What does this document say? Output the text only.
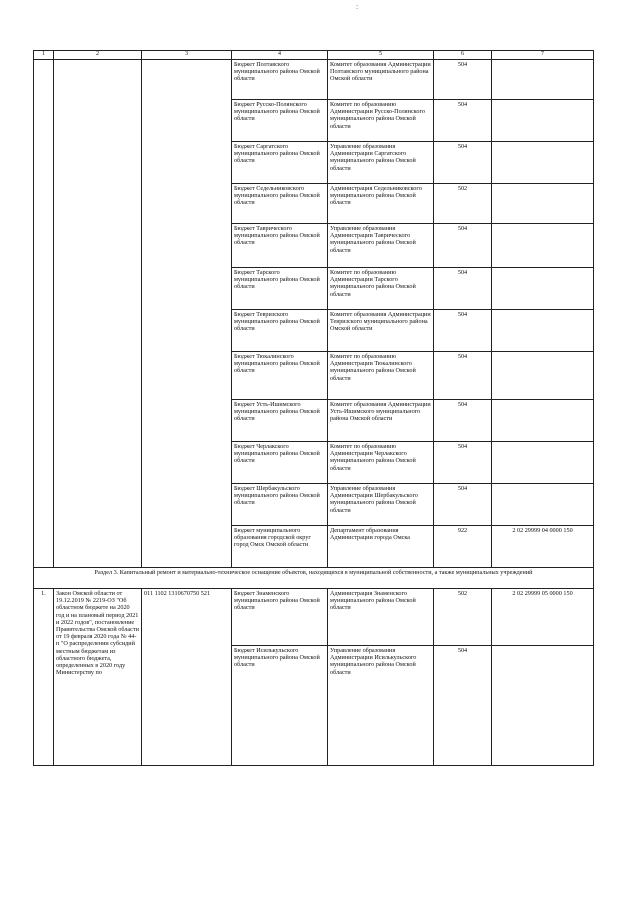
:
1	2	3	4	5	6	7
			Бюджет Полтавского муниципального района Омской области	Комитет образования Администрации Полтавского муниципального района Омской области	504	
			Бюджет Русско-Полянского муниципального района Омской области	Комитет по образованию Администрации Русско-Полянского муниципального района Омской области	504	
			Бюджет Саргатского муниципального района Омской области	Управление образования Администрации Саргатского муниципального района Омской области	504	
			Бюджет Седельниковского муниципального района Омской области	Администрация Седельниковского муниципального района Омской области	502	
			Бюджет Таврического муниципального района Омской области	Управление образования Администрации Таврического муниципального района Омской области	504	
			Бюджет Тарского муниципального района Омской области	Комитет по образованию Администрации Тарского муниципального района Омской области	504	
			Бюджет Тевризского муниципального района Омской области	Комитет образования Администрации Тевризского муниципального района Омской области	504	
			Бюджет Тюкалинского муниципального района Омской области	Комитет по образованию Администрации Тюкалинского муниципального района Омской области	504	
			Бюджет Усть-Ишимского муниципального района Омской области	Комитет образования Администрации Усть-Ишимского муниципального района Омской области	504	
			Бюджет Черлакского муниципального района Омской области	Комитет по образованию Администрации Черлакского муниципального района Омской области	504	
			Бюджет Шербакульского муниципального района Омской области	Управление образования Администрации Шербакульского муниципального района Омской области	504	
			Бюджет муниципального образования городской округ город Омск Омской области	Департамент образования Администрации города Омска	922	2 02 29999 04 0000 150
Раздел 3. Капитальный ремонт и материально-техническое оснащение объектов, находящихся в муниципальной собственности, а также муниципальных учреждений						
1.	Закон Омской области от 19.12.2019 № 2219-ОЗ "Об областном бюджете на 2020 год и на плановый период 2021 и 2022 годов", постановление Правительства Омской области от 19 февраля 2020 года № 44-п "О распределении субсидий местным бюджетам из областного бюджета, определенных в 2020 году Министерству по	011 1102 1310670750 521	Бюджет Знаменского муниципального района Омской области	Администрация Знаменского муниципального района Омской области	502	2 02 29999 05 0000 150
			Бюджет Исилькульского муниципального района Омской области	Управление образования Администрации Исилькульского муниципального района Омской области	504	
